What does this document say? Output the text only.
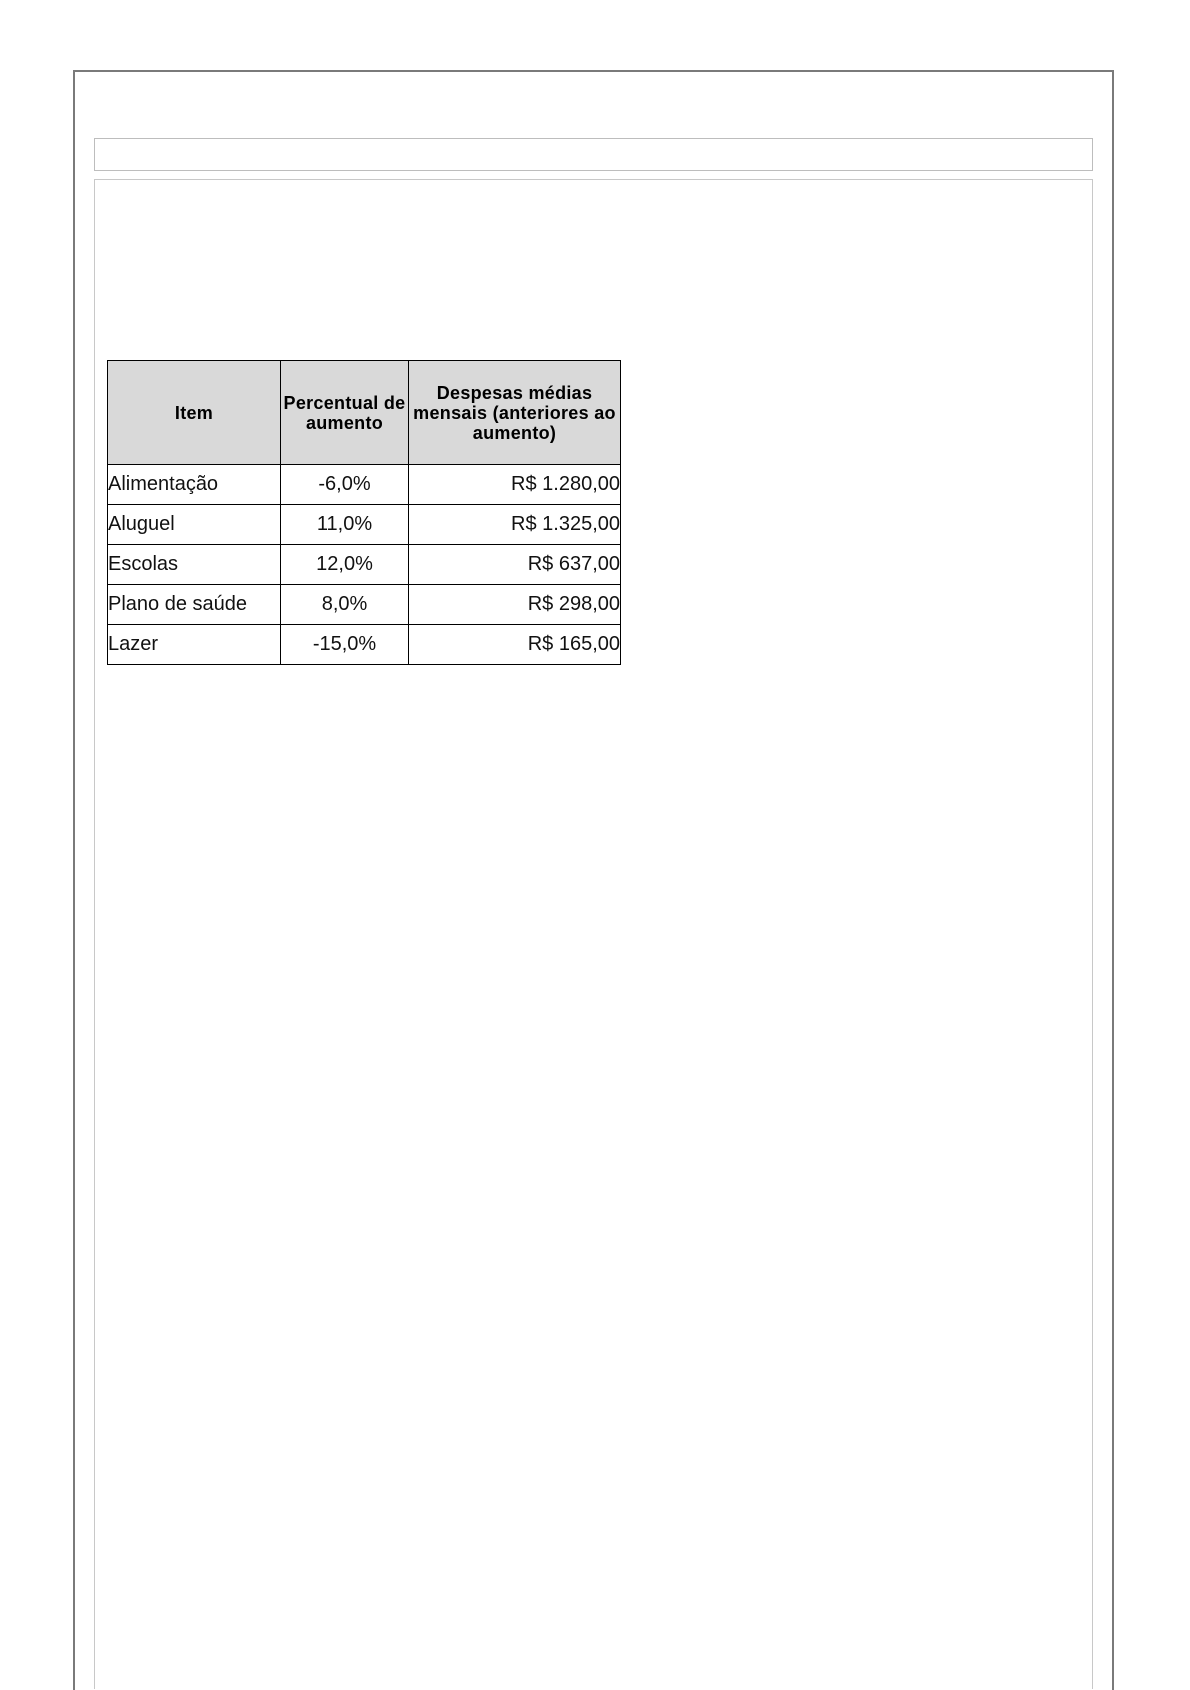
Item	Percentual de aumento	Despesas médias mensais (anteriores ao aumento)
Alimentação	-6,0%	R$ 1.280,00
Aluguel	11,0%	R$ 1.325,00
Escolas	12,0%	R$ 637,00
Plano de saúde	8,0%	R$ 298,00
Lazer	-15,0%	R$ 165,00
